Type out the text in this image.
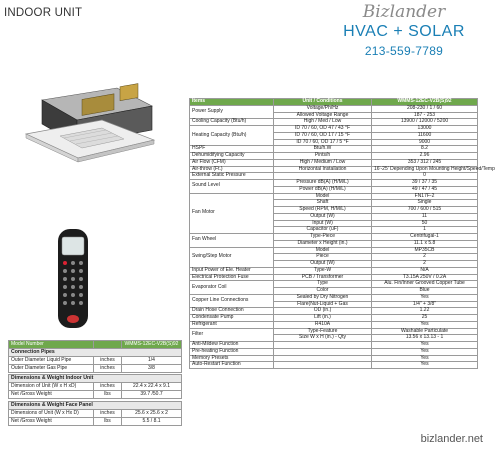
INDOOR UNIT	Bizlander
HVAC + SOLAR
213-559-7789
Items	Unit / Conditions	WMMS-12EC-V2B(S)92
Power Supply	Voltage/Ph/Hz	208-230 / 1 / 60
	Allowed Voltage Range	187 - 253
Cooling Capacity (Btu/h)	High / Med / Low	13900 / 12000 / 5200
Heating Capacity (Btu/h)	ID 70 / 60, OD 47 / 43 °F	13000
	ID 70 / 60, OD 17 / 15 °F	11600
	ID 70 / 60, OD 17 / 5 °F	9000
HSPF	Btu/h.W	8.2
Dehumidifying Capacity	Pints/h	2.96
Air Flow (CFM)	High / Medium / Low	353 / 312 / 245
Air-throw (Ft.)	Horizontal Installation	16'-25' Depending Upon Mounting Height/Speed/Temp
External Static Pressure		0
Sound Level	Pressure dB(A) (H/M/L)	39 / 37 / 35
	Power dB(A) (H/M/L)	49 / 47 / 45
Fan Motor	Model	FN17F-2
	Shaft	Single
	Speed (RPM, H/M/L)	700 / 600 / 515
	Output (W)	11
	Input (W)	50
	Capacitor (uF)	1
Fan Wheel	Type-Piece	Centrifugal-1
	Diameter x Height (in.)	11.1 x 5.8
Swing/Step Motor	Model	MP35CB
	Piece	2
	Output (W)	2
Input Power of Ele. Heater	Type-W	N/A
Electrical Protection Fuse	PCB / Transformer	T3.15A 250V / 0.2A
Evaporator Coil	Type	Alu. Fin/Inner Grooved Copper Tube
	Color	Blue
Copper Line Connections	Sealed by Dry Nitrogen	Yes
	Flare(Nut-Liquid + Gas	1/4" + 3/8"
Drain Hose Connection	OD (in.)	1.22
Condensate Pump	Lift (in.)	25
Refrigerant	R410A	Yes
Filter	Type-Feature	Washable Particulate
	Size W x H (in.) - Qty	13.56 x 13.13 - 1
Anti-Mildew Function		Yes
Pre-heating Function		Yes
Memory Presets		Yes
Auto-Restart Function		Yes
Model Number		WMMS-12EC-V2B(S)92
Connection Pipes		
Outer Diameter Liquid Pipe	inches	1/4
Outer Diameter Gas Pipe	inches	3/8
Dimensions & Weight Indoor Unit		
Dimension of Unit (W x H xD)	inches	22.4 x 22.4 x 9.1
Net /Gross Weight	lbs	39.7 /50.7
Dimensions & Weight Face Panel		
Dimensions of Unit (W x Hx D)	inches	25.6 x 25.6 x 2
Net /Gross Weight	lbs	5.5 / 8.1
bizlander.net
